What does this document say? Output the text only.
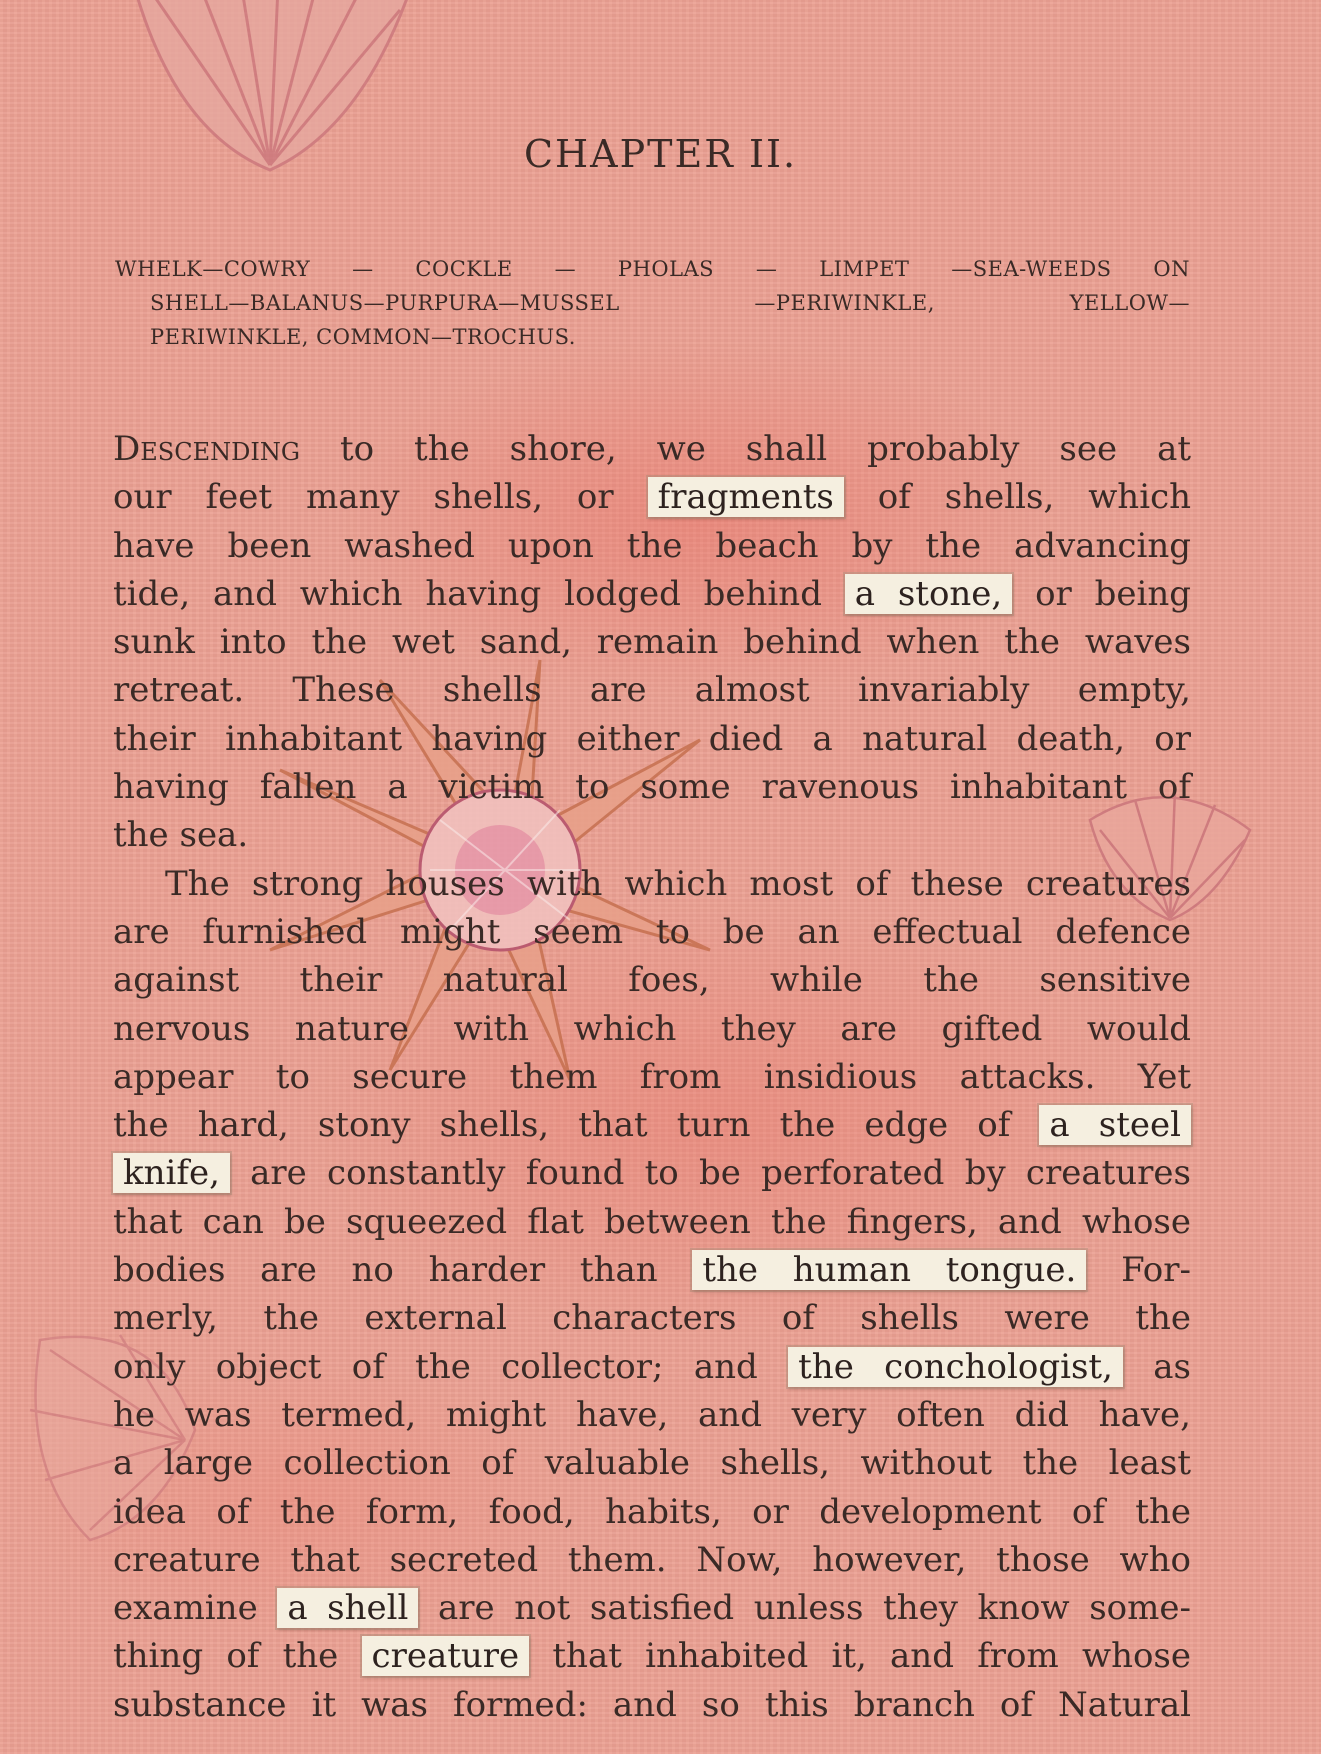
CHAPTER II.
WHELK—COWRY — COCKLE — PHOLAS — LIMPET —SEA-WEEDS ON
SHELL—BALANUS—PURPURA—MUSSEL —PERIWINKLE, YELLOW—
PERIWINKLE, COMMON—TROCHUS.
Descending to the shore, we shall probably see at
our feet many shells, or fragments of shells, which
have been washed upon the beach by the advancing
tide, and which having lodged behind a stone, or being
sunk into the wet sand, remain behind when the waves
retreat. These shells are almost invariably empty,
their inhabitant having either died a natural death, or
having fallen a victim to some ravenous inhabitant of
the sea.
The strong houses with which most of these creatures
are furnished might seem to be an effectual defence
against their natural foes, while the sensitive
nervous nature with which they are gifted would
appear to secure them from insidious attacks. Yet
the hard, stony shells, that turn the edge of a steel
knife, are constantly found to be perforated by creatures
that can be squeezed flat between the fingers, and whose
bodies are no harder than the human tongue. For-
merly, the external characters of shells were the
only object of the collector; and the conchologist, as
he was termed, might have, and very often did have,
a large collection of valuable shells, without the least
idea of the form, food, habits, or development of the
creature that secreted them. Now, however, those who
examine a shell are not satisfied unless they know some-
thing of the creature that inhabited it, and from whose
substance it was formed: and so this branch of Natural
